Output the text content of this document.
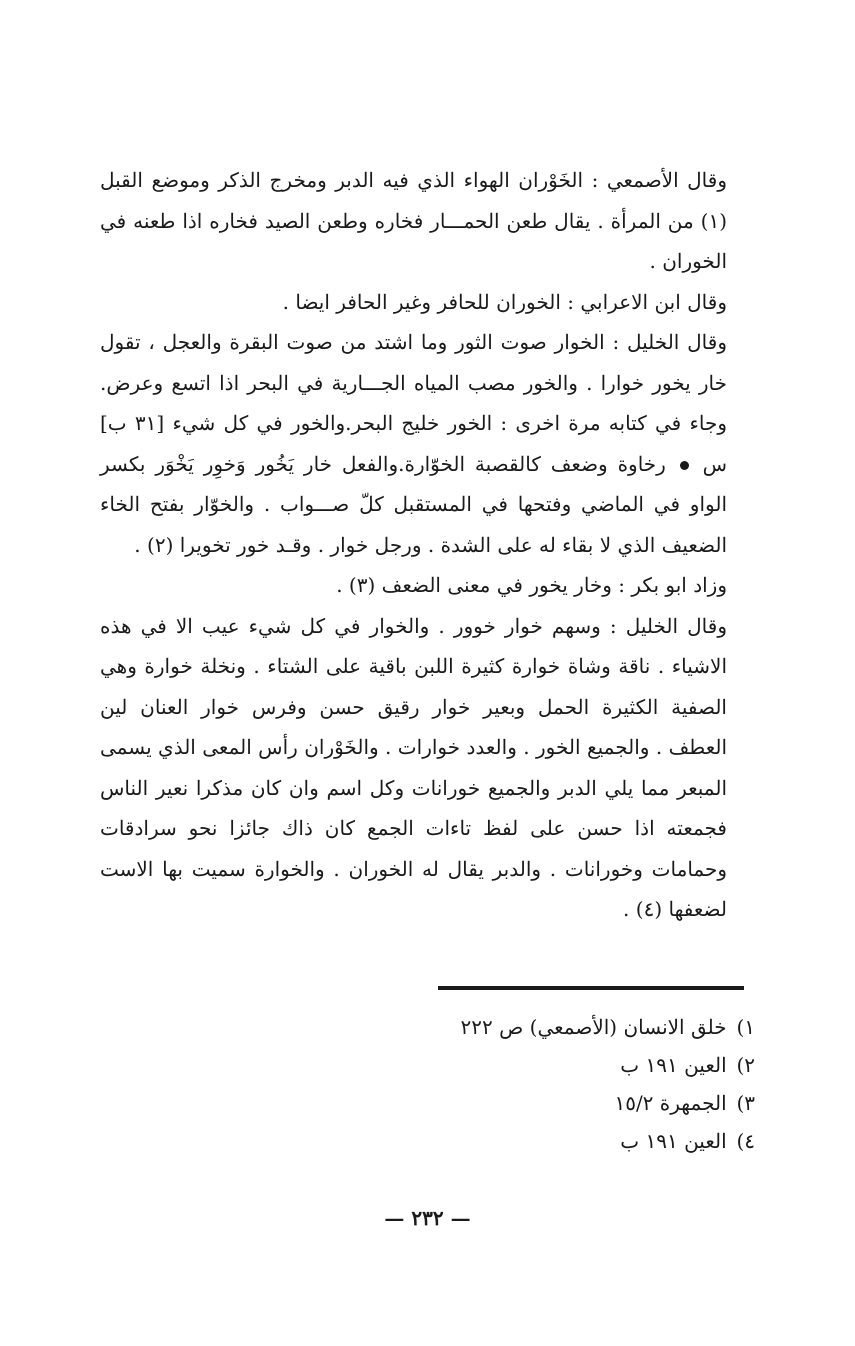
وقال الأصمعي : الخَوْران الهواء الذي فيه الدبر ومخرج الذكر وموضع القبل (١) من المرأة . يقال طعن الحمـــار فخاره وطعن الصيد فخاره اذا طعنه في الخوران .

وقال ابن الاعرابي : الخوران للحافر وغير الحافر ايضا .

وقال الخليل : الخوار صوت الثور وما اشتد من صوت البقرة والعجل ، تقول خار يخور خوارا . والخور مصب المياه الجـــارية في البحر اذا اتسع وعرض. وجاء في كتابه مرة اخرى : الخور خليج البحر.والخور في كل شيء [٣١ ب] س  رخاوة وضعف كالقصبة الخوّارة.والفعل خار يَخُور وَخوِر يَخْوَر بكسر الواو في الماضي وفتحها في المستقبل كلّ صـــواب . والخوّار بفتح الخاء الضعيف الذي لا بقاء له على الشدة . ورجل خوار . وقـد خور تخويرا (٢) .

وزاد ابو بكر : وخار يخور في معنى الضعف (٣) .

وقال الخليل : وسهم خوار خوور . والخوار في كل شيء عيب الا في هذه الاشياء . ناقة وشاة خوارة كثيرة اللبن باقية على الشتاء . ونخلة خوارة وهي الصفية الكثيرة الحمل وبعير خوار رقيق حسن وفرس خوار العنان لين العطف . والجميع الخور . والعدد خوارات . والخَوْران رأس المعى الذي يسمى المبعر مما يلي الدبر والجميع خورانات وكل اسم وان كان مذكرا نعير الناس فجمعته اذا حسن على لفظ تاءات الجمع كان ذاك جائزا نحو سرادقات وحمامات وخورانات . والدبر يقال له الخوران . والخوارة سميت بها الاست لضعفها (٤) .

١) خلق الانسان (الأصمعي) ص ٢٢٢
٢) العين ١٩١ ب
٣) الجمهرة ١٥/٢
٤) العين ١٩١ ب
— ٢٣٢ —
